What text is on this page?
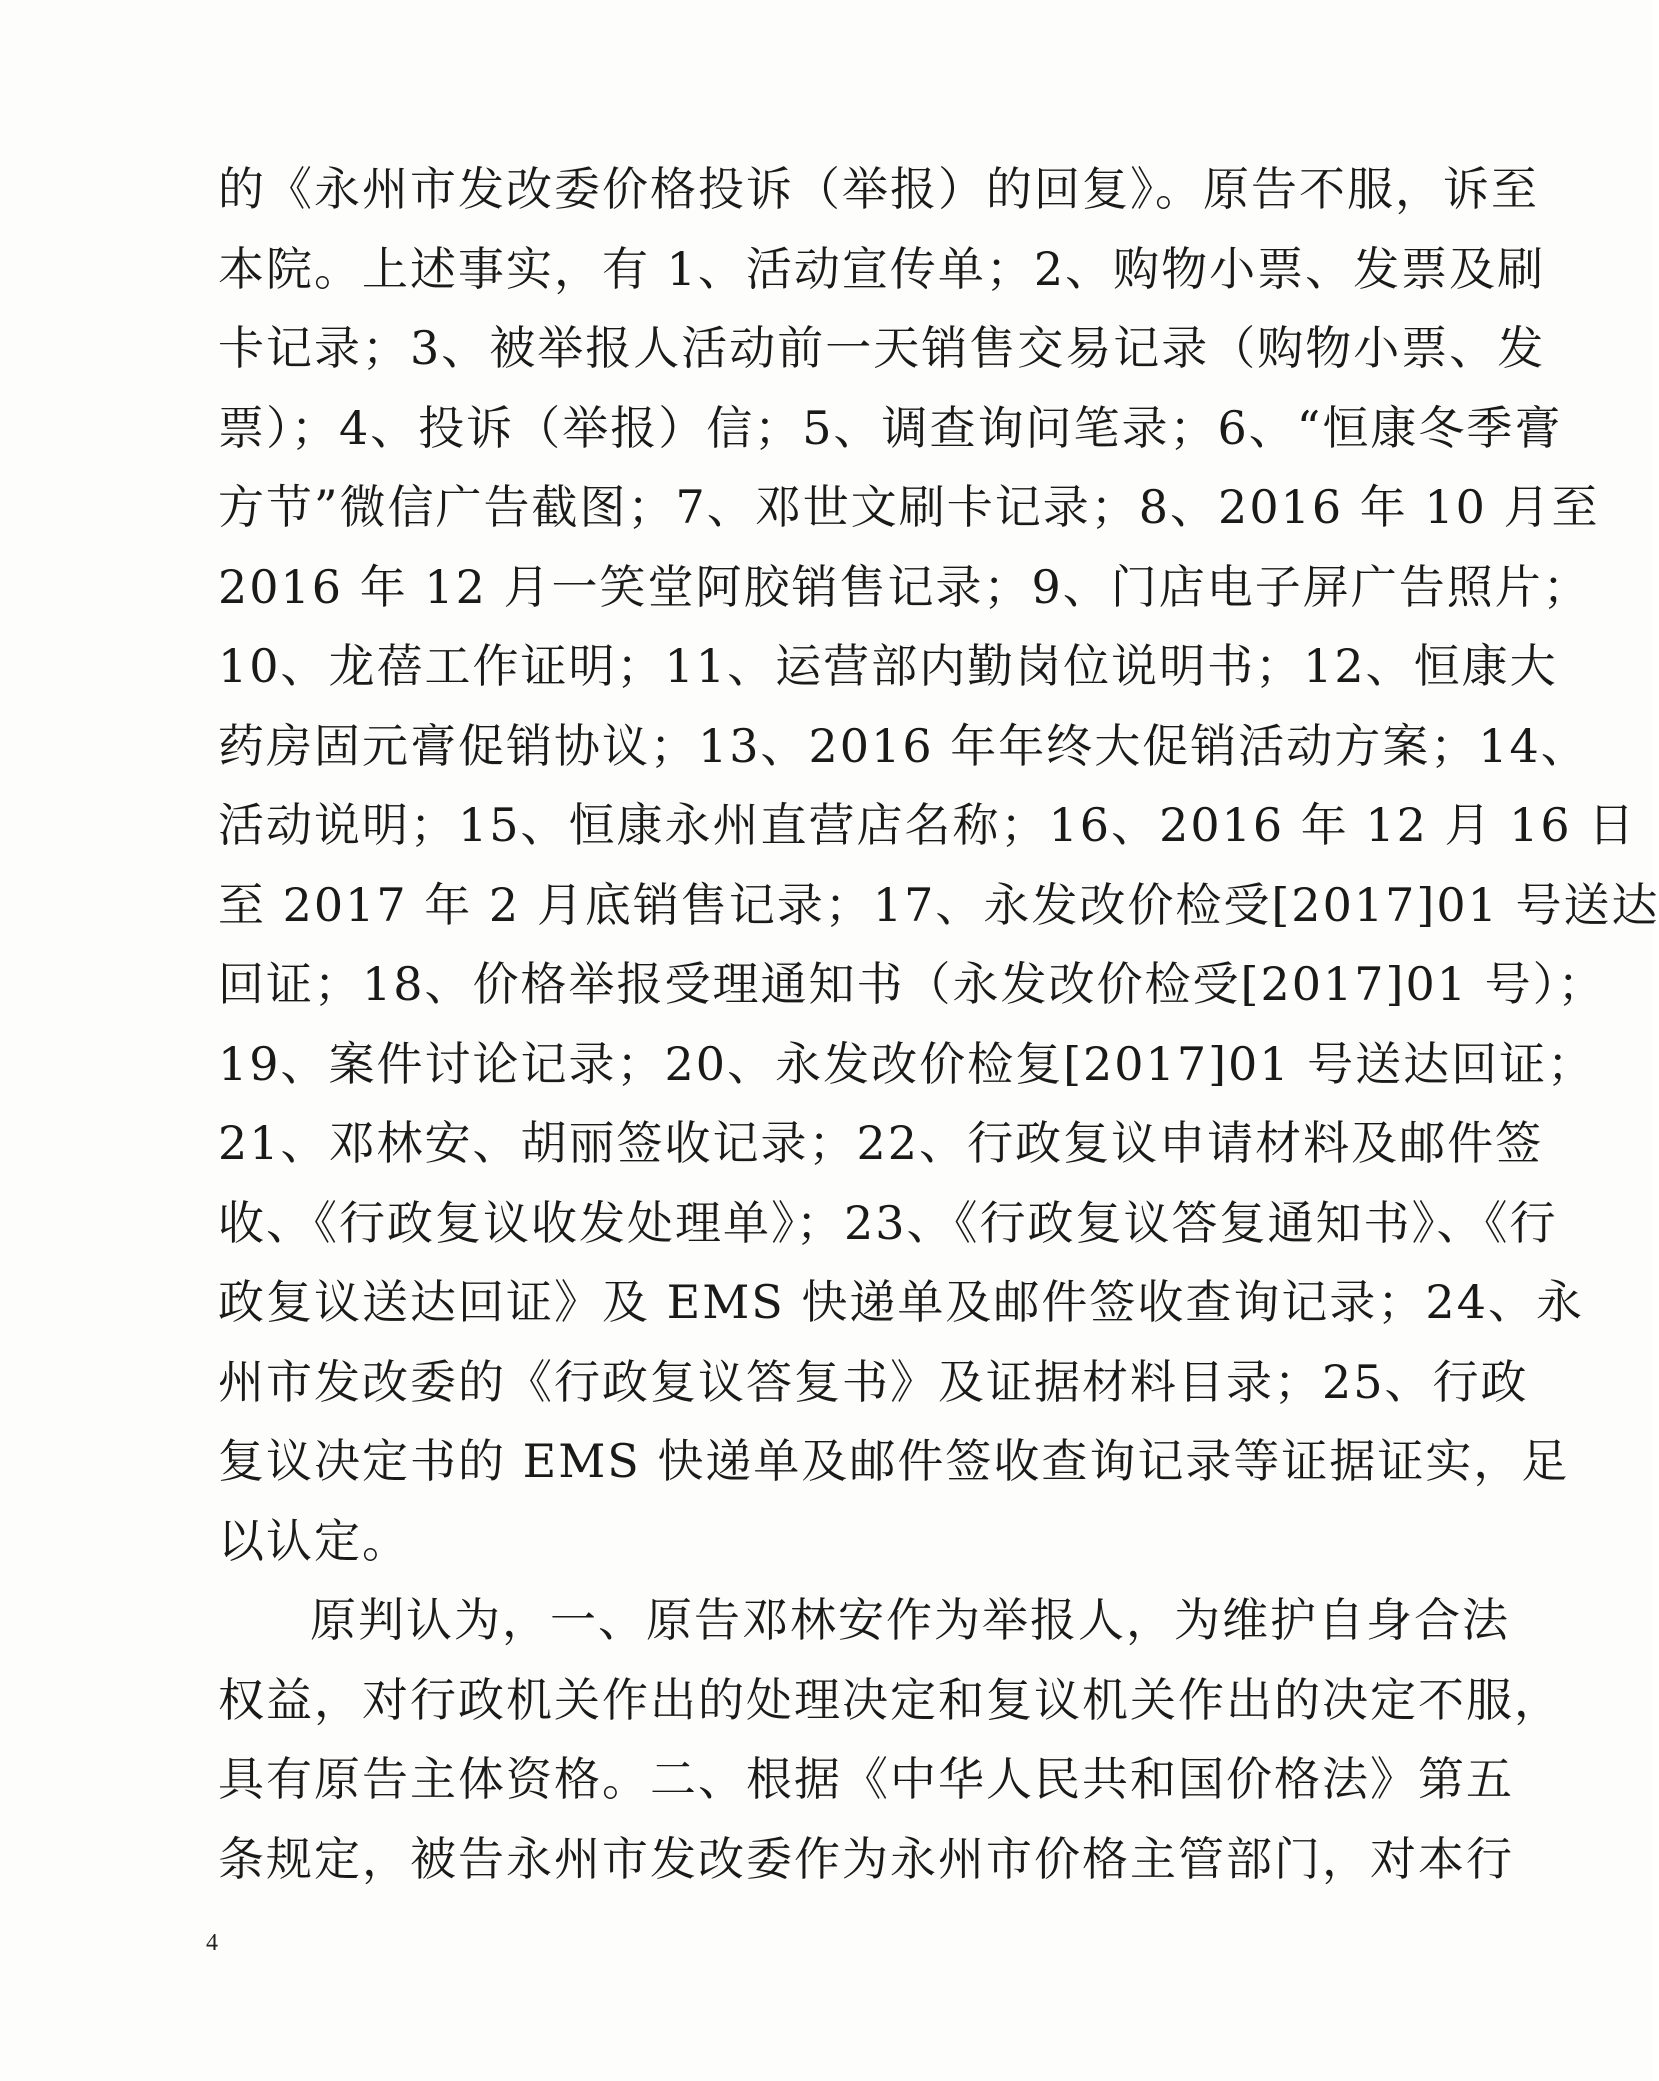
的《永州市发改委价格投诉（举报）的回复》。原告不服，诉至
本院。上述事实，有 1、活动宣传单；2、购物小票、发票及刷
卡记录；3、被举报人活动前一天销售交易记录（购物小票、发
票）；4、投诉（举报）信；5、调查询问笔录；6、“恒康冬季膏
方节”微信广告截图；7、邓世文刷卡记录；8、2016 年 10 月至
2016 年 12 月一笑堂阿胶销售记录；9、门店电子屏广告照片；
10、龙蓓工作证明；11、运营部内勤岗位说明书；12、恒康大
药房固元膏促销协议；13、2016 年年终大促销活动方案；14、
活动说明；15、恒康永州直营店名称；16、2016 年 12 月 16 日
至 2017 年 2 月底销售记录；17、永发改价检受[2017]01 号送达
回证；18、价格举报受理通知书（永发改价检受[2017]01 号）；
19、案件讨论记录；20、永发改价检复[2017]01 号送达回证；
21、邓林安、胡丽签收记录；22、行政复议申请材料及邮件签
收、《行政复议收发处理单》；23、《行政复议答复通知书》、《行
政复议送达回证》及 EMS 快递单及邮件签收查询记录；24、永
州市发改委的《行政复议答复书》及证据材料目录；25、行政
复议决定书的 EMS 快递单及邮件签收查询记录等证据证实，足
以认定。
原判认为，一、原告邓林安作为举报人，为维护自身合法
权益，对行政机关作出的处理决定和复议机关作出的决定不服，
具有原告主体资格。二、根据《中华人民共和国价格法》第五
条规定，被告永州市发改委作为永州市价格主管部门，对本行
4
